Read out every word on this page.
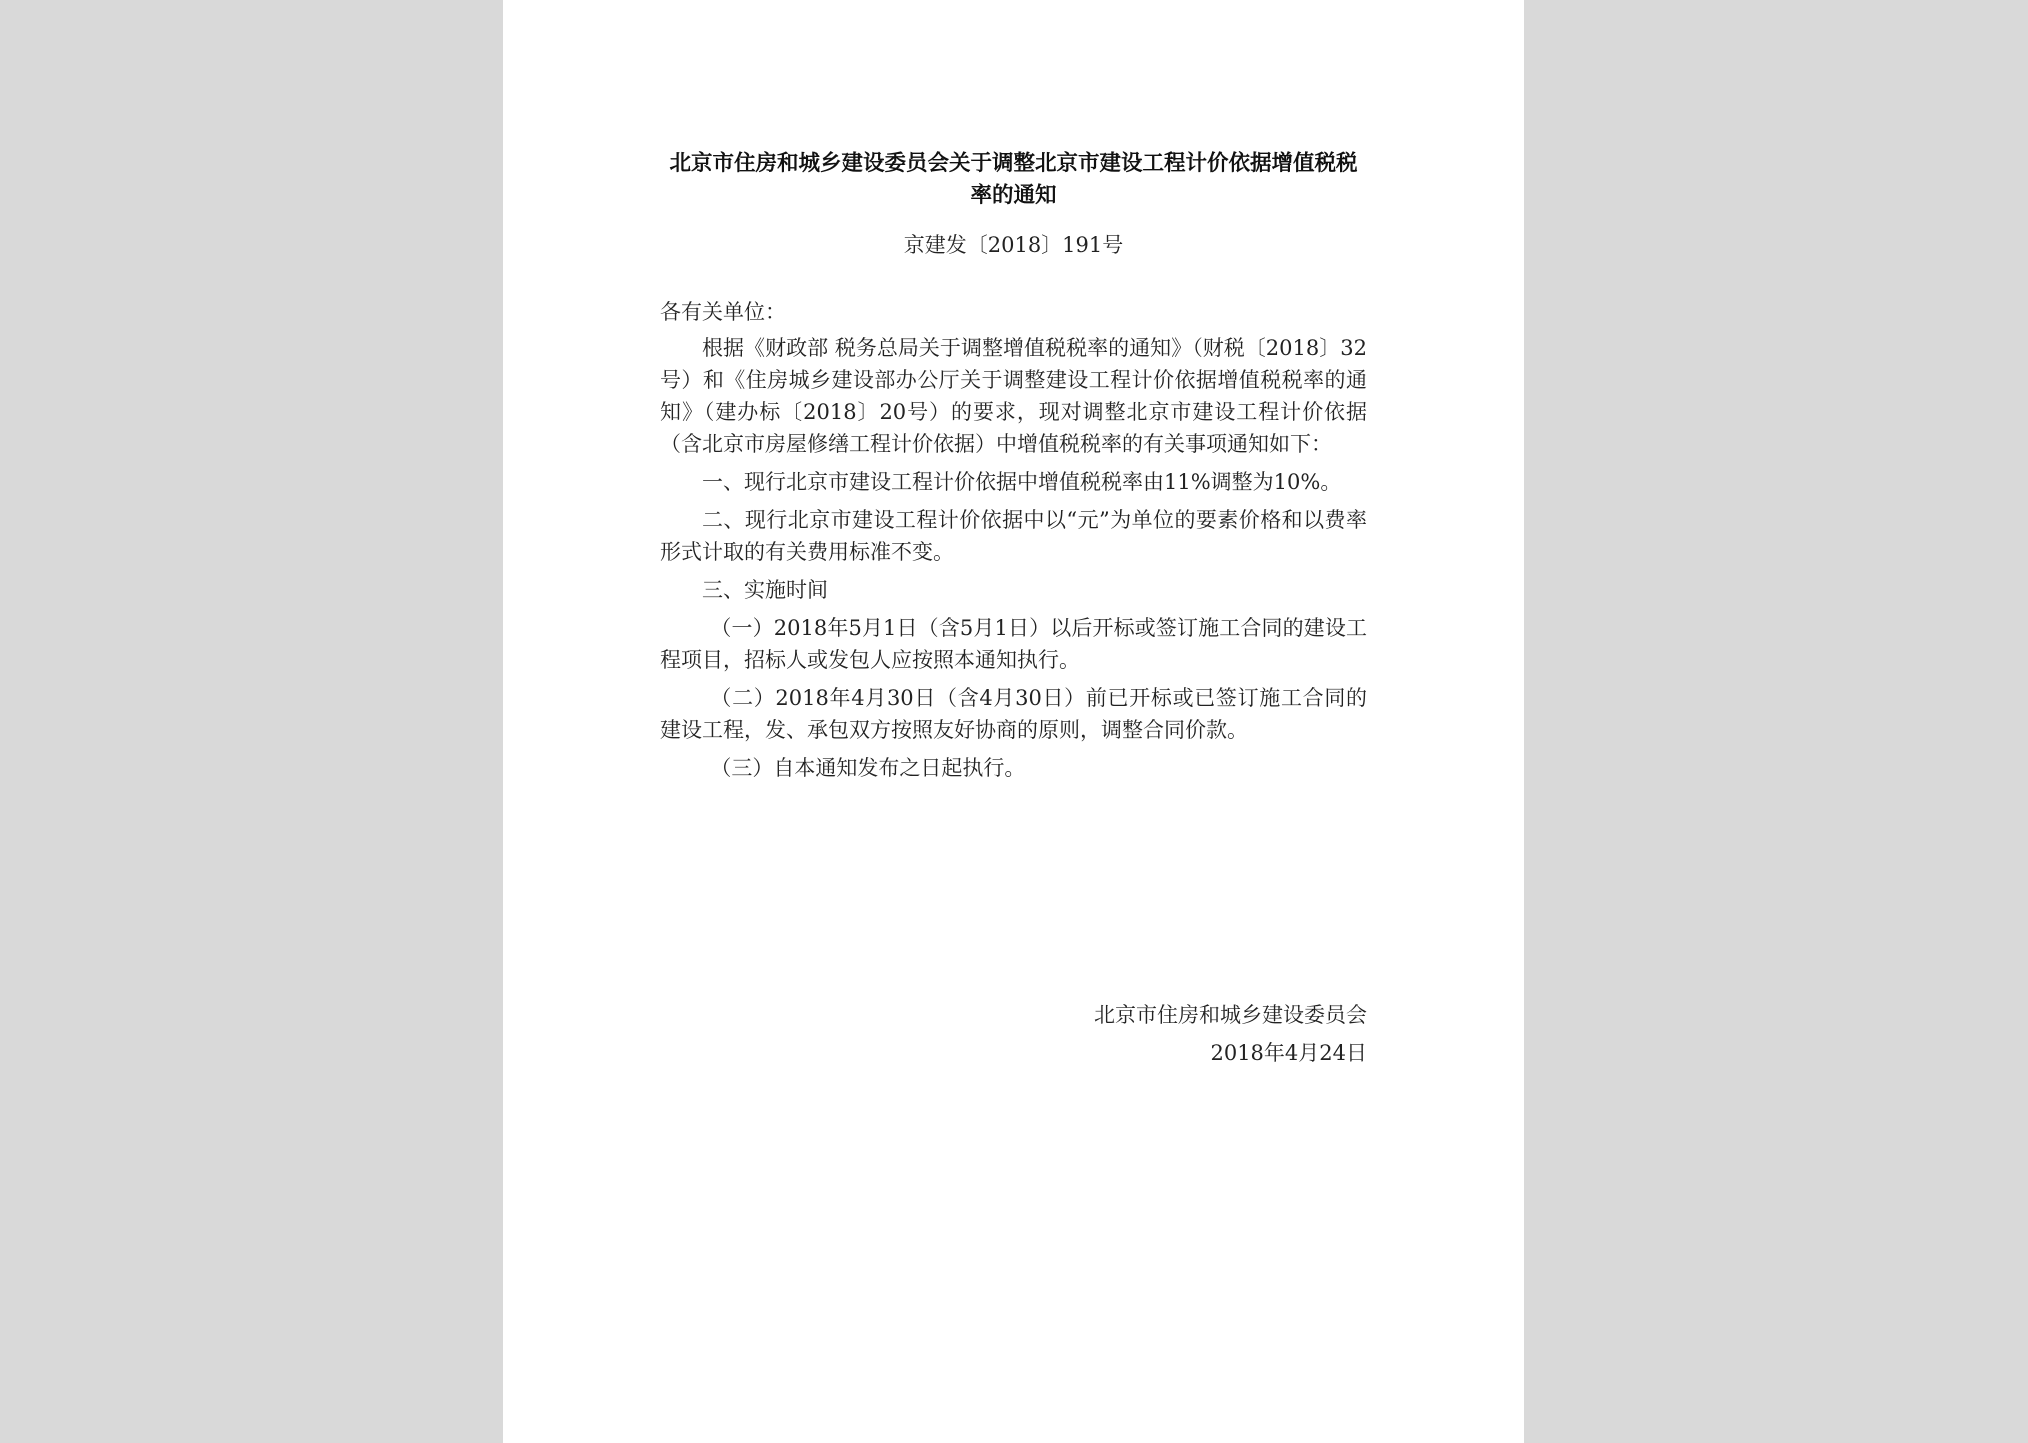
北京市住房和城乡建设委员会关于调整北京市建设工程计价依据增值税税率的通知
京建发〔2018〕191号

各有关单位：

根据《财政部 税务总局关于调整增值税税率的通知》（财税〔2018〕32号）和《住房城乡建设部办公厅关于调整建设工程计价依据增值税税率的通知》（建办标〔2018〕20号）的要求，现对调整北京市建设工程计价依据（含北京市房屋修缮工程计价依据）中增值税税率的有关事项通知如下：

一、现行北京市建设工程计价依据中增值税税率由11%调整为10%。

二、现行北京市建设工程计价依据中以“元”为单位的要素价格和以费率形式计取的有关费用标准不变。

三、实施时间

（一）2018年5月1日（含5月1日）以后开标或签订施工合同的建设工程项目，招标人或发包人应按照本通知执行。

（二）2018年4月30日（含4月30日）前已开标或已签订施工合同的建设工程，发、承包双方按照友好协商的原则，调整合同价款。

（三）自本通知发布之日起执行。

北京市住房和城乡建设委员会
2018年4月24日
